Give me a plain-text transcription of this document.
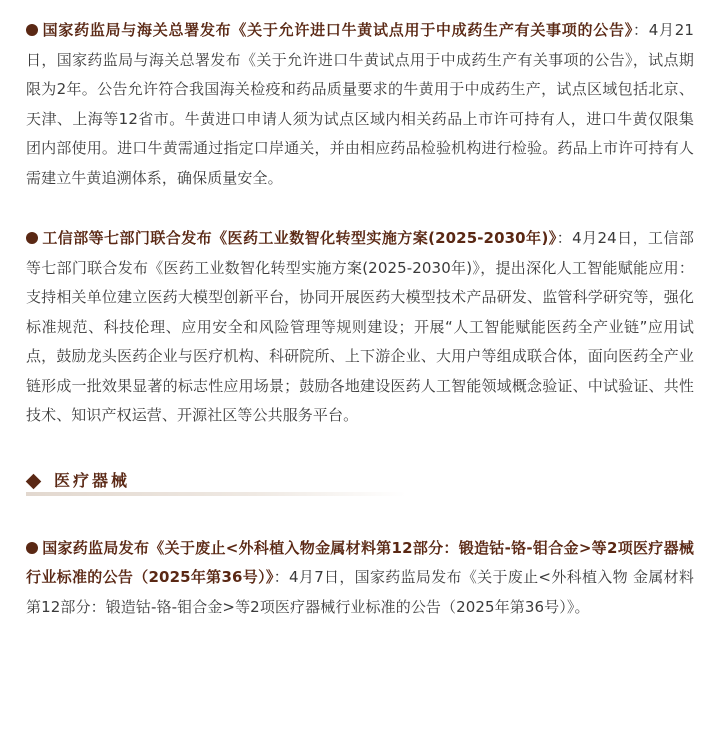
国家药监局与海关总署发布《关于允许进口牛黄试点用于中成药生产有关事项的公告》：4月21日，国家药监局与海关总署发布《关于允许进口牛黄试点用于中成药生产有关事项的公告》，试点期限为2年。公告允许符合我国海关检疫和药品质量要求的牛黄用于中成药生产，试点区域包括北京、天津、上海等12省市。牛黄进口申请人须为试点区域内相关药品上市许可持有人，进口牛黄仅限集团内部使用。进口牛黄需通过指定口岸通关，并由相应药品检验机构进行检验。药品上市许可持有人需建立牛黄追溯体系，确保质量安全。

工信部等七部门联合发布《医药工业数智化转型实施方案(2025-2030年)》：4月24日，工信部等七部门联合发布《医药工业数智化转型实施方案(2025-2030年)》，提出深化人工智能赋能应用：支持相关单位建立医药大模型创新平台，协同开展医药大模型技术产品研发、监管科学研究等，强化标准规范、科技伦理、应用安全和风险管理等规则建设；开展“人工智能赋能医药全产业链”应用试点，鼓励龙头医药企业与医疗机构、科研院所、上下游企业、大用户等组成联合体，面向医药全产业链形成一批效果显著的标志性应用场景；鼓励各地建设医药人工智能领域概念验证、中试验证、共性技术、知识产权运营、开源社区等公共服务平台。

医疗器械

国家药监局发布《关于废止<外科植入物金属材料第12部分：锻造钴-铬-钼合金>等2项医疗器械行业标准的公告（2025年第36号）》：4月7日，国家药监局发布《关于废止<外科植入物 金属材料 第12部分：锻造钴-铬-钼合金>等2项医疗器械行业标准的公告（2025年第36号）》。
